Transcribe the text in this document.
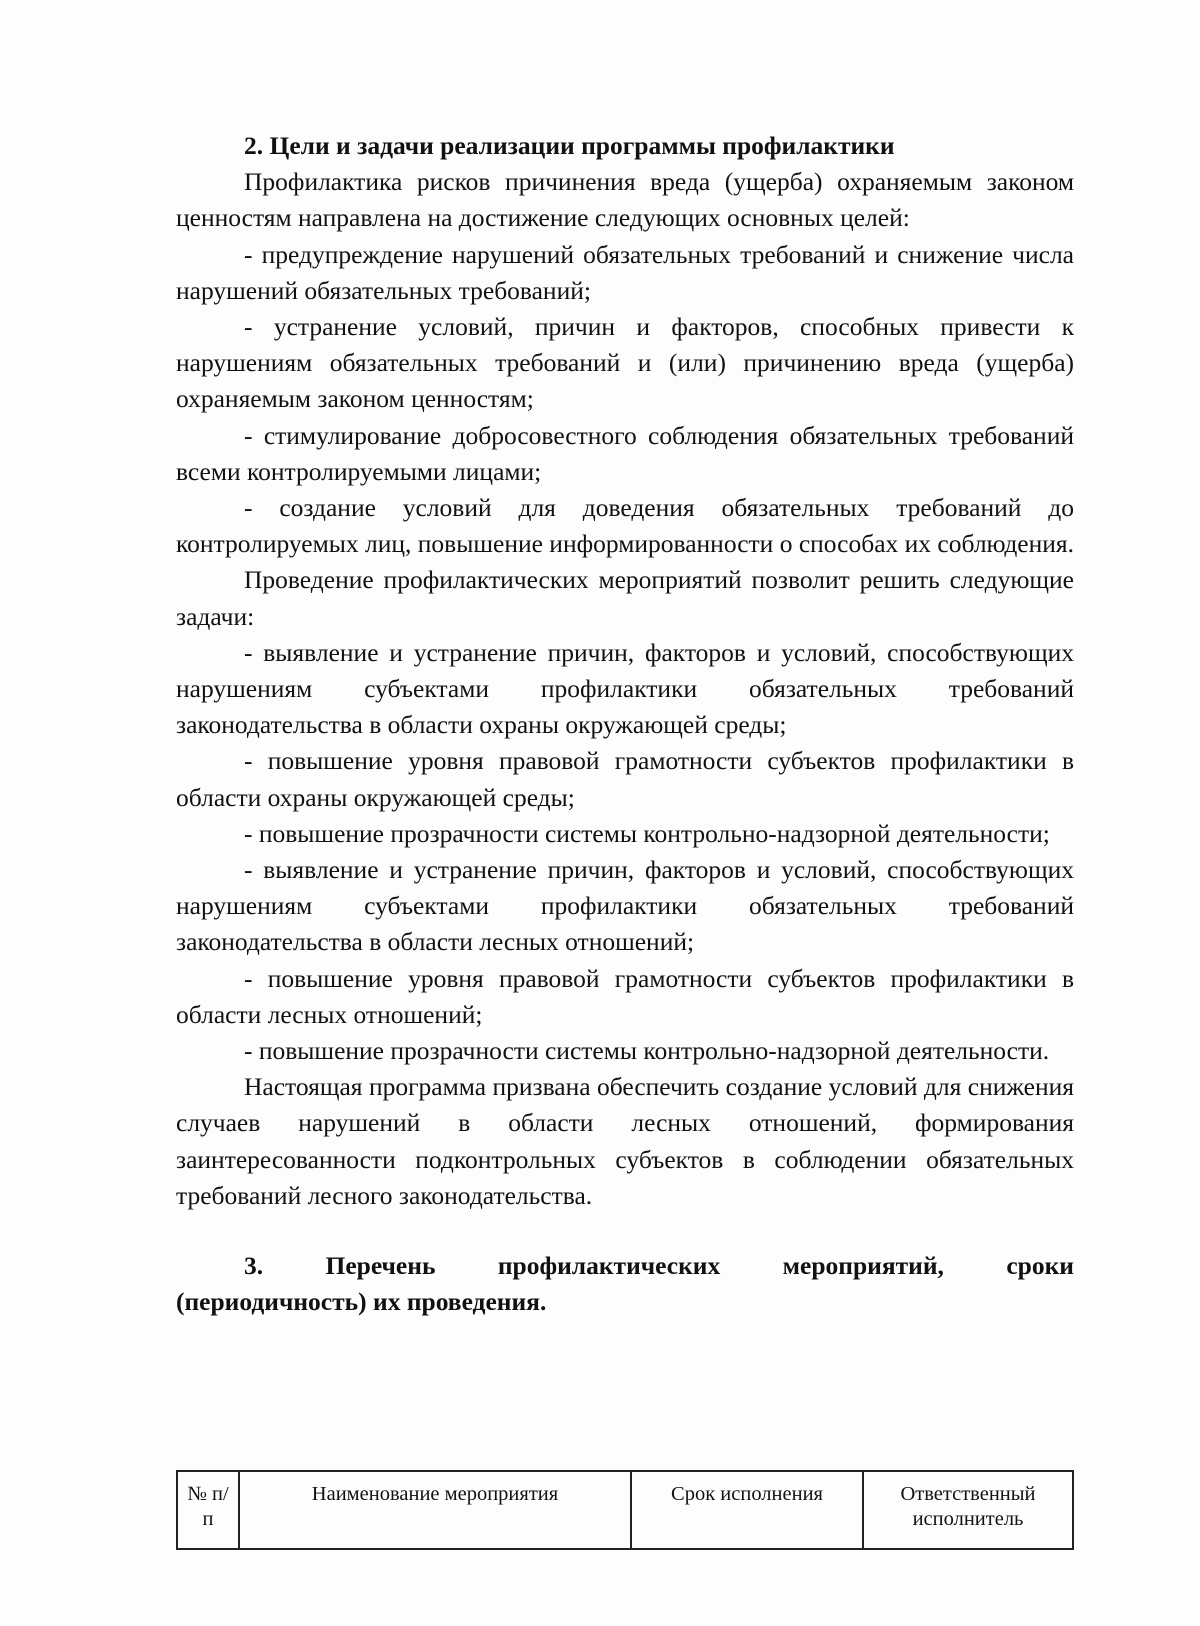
2. Цели и задачи реализации программы профилактики

Профилактика рисков причинения вреда (ущерба) охраняемым законом ценностям направлена на достижение следующих основных целей:

- предупреждение нарушений обязательных требований и снижение числа нарушений обязательных требований;

- устранение условий, причин и факторов, способных привести к нарушениям обязательных требований и (или) причинению вреда (ущерба) охраняемым законом ценностям;

- стимулирование добросовестного соблюдения обязательных требований всеми контролируемыми лицами;

- создание условий для доведения обязательных требований до контролируемых лиц, повышение информированности о способах их соблюдения.

Проведение профилактических мероприятий позволит решить следующие задачи:

- выявление и устранение причин, факторов и условий, способствующих нарушениям субъектами профилактики обязательных требований законодательства в области охраны окружающей среды;

- повышение уровня правовой грамотности субъектов профилактики в области охраны окружающей среды;

- повышение прозрачности системы контрольно-надзорной деятельности;

- выявление и устранение причин, факторов и условий, способствующих нарушениям субъектами профилактики обязательных требований законодательства в области лесных отношений;

- повышение уровня правовой грамотности субъектов профилактики в области лесных отношений;

- повышение прозрачности системы контрольно-надзорной деятельности.

Настоящая программа призвана обеспечить создание условий для снижения случаев нарушений в области лесных отношений, формирования заинтересованности подконтрольных субъектов в соблюдении обязательных требований лесного законодательства.

3. Перечень профилактических мероприятий, сроки
(периодичность) их проведения.
№ п/п	Наименование мероприятия	Срок исполнения	Ответственный исполнитель
